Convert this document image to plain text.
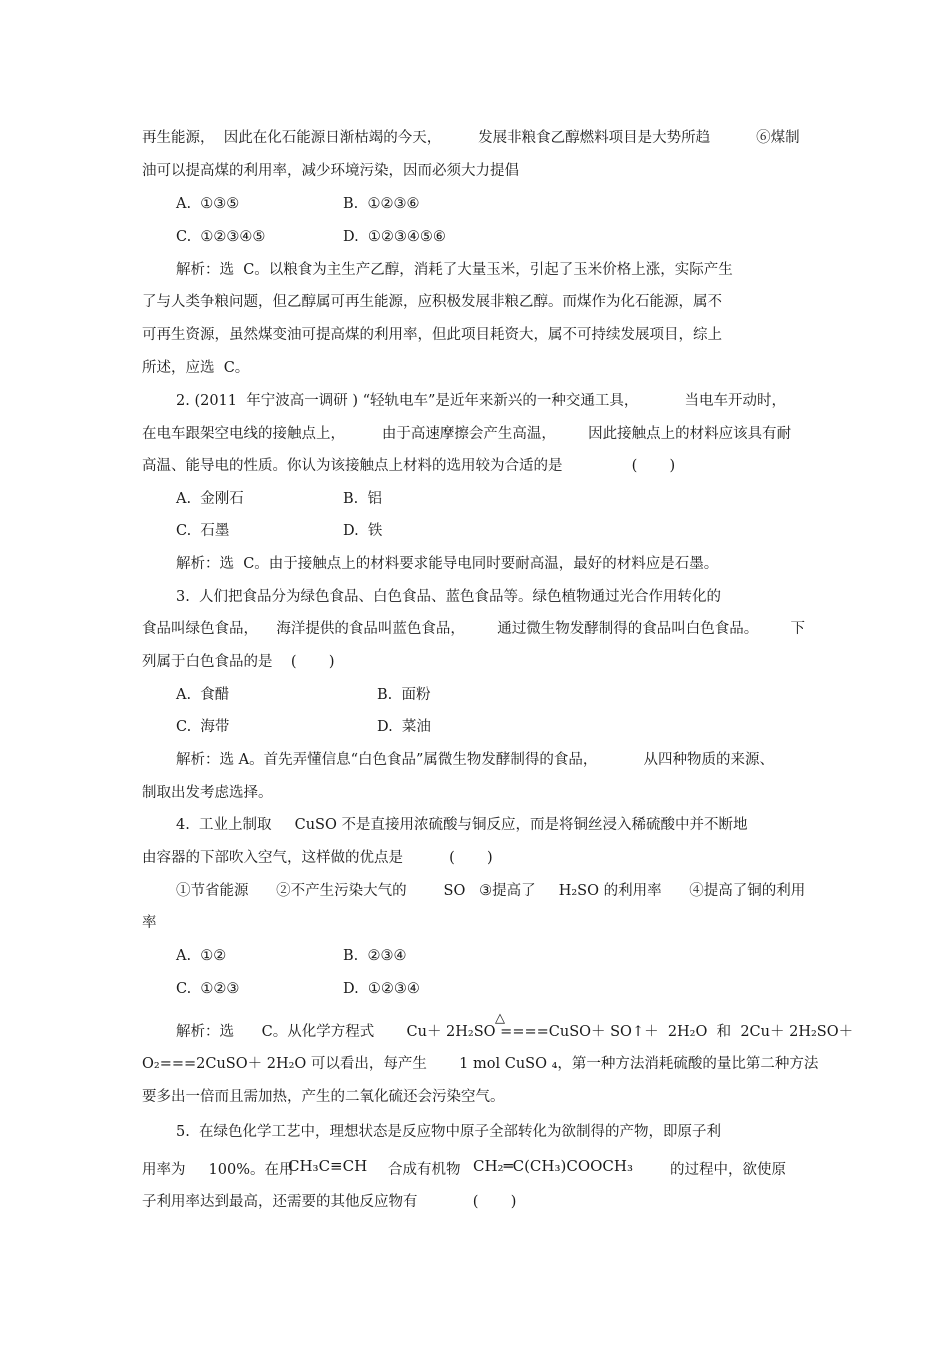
再生能源，  因此在化石能源日渐枯竭的今天，        发展非粮食乙醇燃料项目是大势所趋          ⑥煤制
油可以提高煤的利用率，减少环境污染，因而必须大力提倡
A.  ①③⑤	B.  ①②③⑥
C.  ①②③④⑤	D.  ①②③④⑤⑥
解析：选  C。以粮食为主生产乙醇，消耗了大量玉米，引起了玉米价格上涨，实际产生
了与人类争粮问题，但乙醇属可再生能源，应积极发展非粮乙醇。而煤作为化石能源，属不
可再生资源，虽然煤变油可提高煤的利用率，但此项目耗资大，属不可持续发展项目，综上
所述，应选  C。
2. (2011  年宁波高一调研 ) “轻轨电车”是近年来新兴的一种交通工具，          当电车开动时，
在电车跟架空电线的接触点上，        由于高速摩擦会产生高温，       因此接触点上的材料应该具有耐
高温、能导电的性质。你认为该接触点上材料的选用较为合适的是               (       )
A.  金刚石	B.  铝
C.  石墨	D.  铁
解析：选  C。由于接触点上的材料要求能导电同时要耐高温，最好的材料应是石墨。
3.  人们把食品分为绿色食品、白色食品、蓝色食品等。绿色植物通过光合作用转化的
食品叫绿色食品，    海洋提供的食品叫蓝色食品，       通过微生物发酵制得的食品叫白色食品。       下
列属于白色食品的是    (       )
A.  食醋	B.  面粉
C.  海带	D.  菜油
解析：选 A。首先弄懂信息“白色食品”属微生物发酵制得的食品，          从四种物质的来源、
制取出发考虑选择。
4.  工业上制取     CuSO 不是直接用浓硫酸与铜反应，而是将铜丝浸入稀硫酸中并不断地
由容器的下部吹入空气，这样做的优点是          (       )
①节省能源      ②不产生污染大气的        SO   ③提高了     H₂SO 的利用率      ④提高了铜的利用
率
A.  ①②	B.  ②③④
C.  ①②③	D.  ①②③④
△
解析：选      C。从化学方程式       Cu＋ 2H₂SO ====CuSO＋ SO↑＋  2H₂O  和  2Cu＋ 2H₂SO＋
O₂===2CuSO＋ 2H₂O 可以看出，每产生       1 mol CuSO ₄，第一种方法消耗硫酸的量比第二种方法
要多出一倍而且需加热，产生的二氧化硫还会污染空气。
5.  在绿色化学工艺中，理想状态是反应物中原子全部转化为欲制得的产物，即原子利
用率为     100%。在用
CH₃C≡CH 合成有机物 CH₂═C(CH₃)COOCH₃	的过程中，欲使原
子利用率达到最高，还需要的其他反应物有            (       )
